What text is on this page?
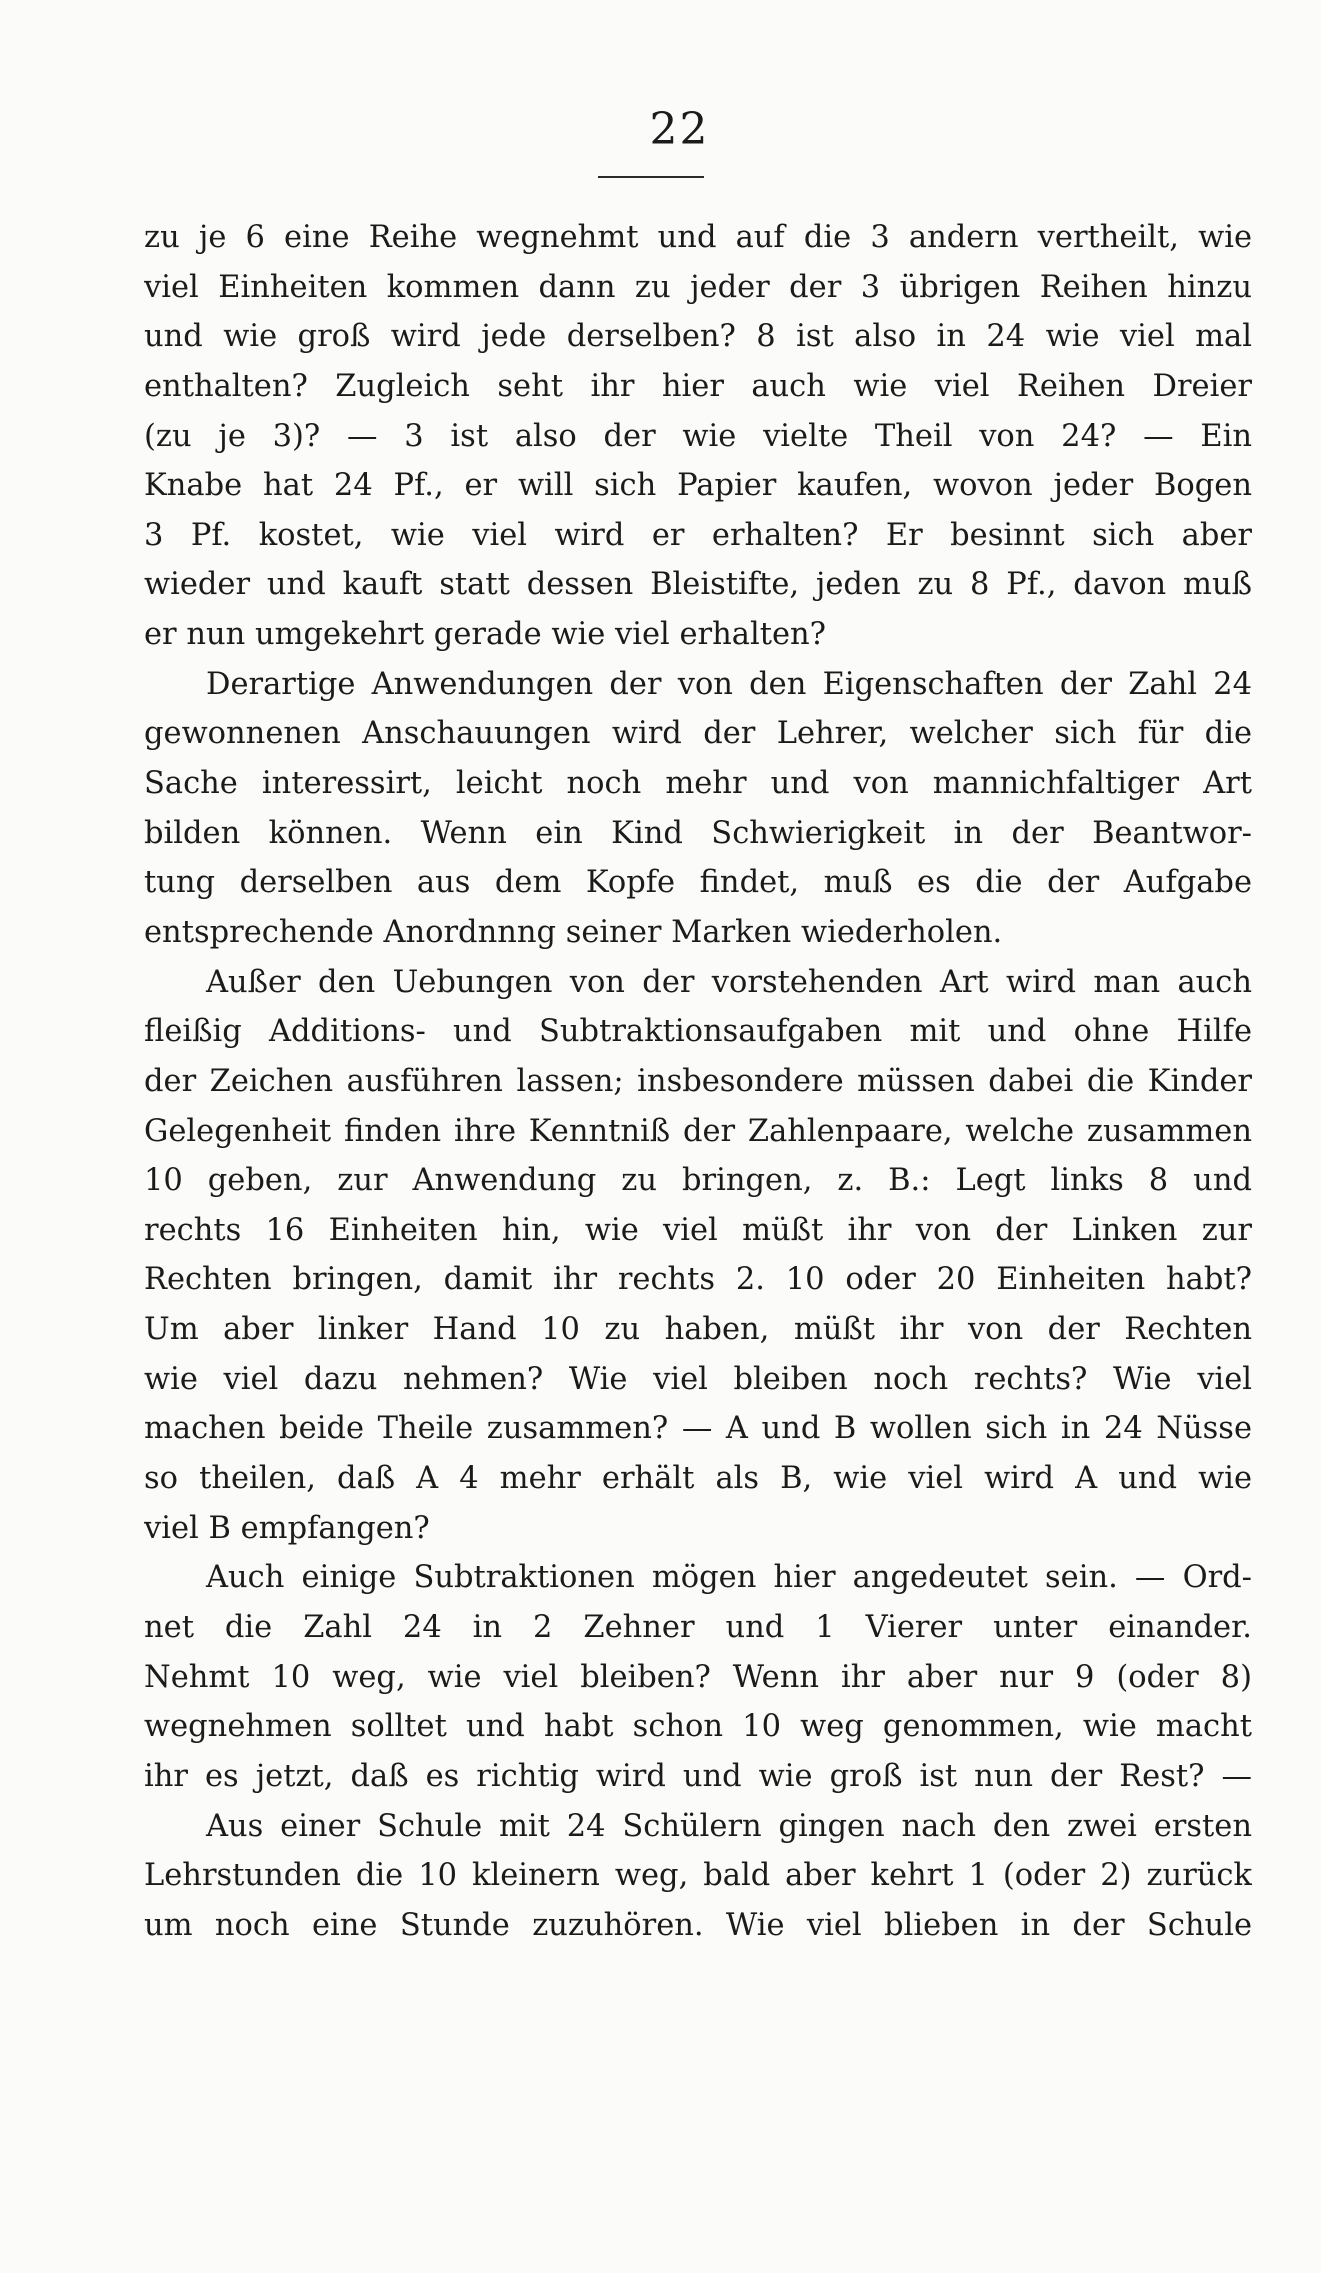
22
zu je 6 eine Reihe wegnehmt und auf die 3 andern vertheilt, wie
viel Einheiten kommen dann zu jeder der 3 übrigen Reihen hinzu
und wie groß wird jede derselben? 8 ist also in 24 wie viel mal
enthalten? Zugleich seht ihr hier auch wie viel Reihen Dreier
(zu je 3)? — 3 ist also der wie vielte Theil von 24? — Ein
Knabe hat 24 Pf., er will sich Papier kaufen, wovon jeder Bogen
3 Pf. kostet, wie viel wird er erhalten? Er besinnt sich aber
wieder und kauft statt dessen Bleistifte, jeden zu 8 Pf., davon muß
er nun umgekehrt gerade wie viel erhalten?
Derartige Anwendungen der von den Eigenschaften der Zahl 24
gewonnenen Anschauungen wird der Lehrer, welcher sich für die
Sache interessirt, leicht noch mehr und von mannichfaltiger Art
bilden können. Wenn ein Kind Schwierigkeit in der Beantwor-
tung derselben aus dem Kopfe findet, muß es die der Aufgabe
entsprechende Anordnnng seiner Marken wiederholen.
Außer den Uebungen von der vorstehenden Art wird man auch
fleißig Additions- und Subtraktionsaufgaben mit und ohne Hilfe
der Zeichen ausführen lassen; insbesondere müssen dabei die Kinder
Gelegenheit finden ihre Kenntniß der Zahlenpaare, welche zusammen
10 geben, zur Anwendung zu bringen, z. B.: Legt links 8 und
rechts 16 Einheiten hin, wie viel müßt ihr von der Linken zur
Rechten bringen, damit ihr rechts 2. 10 oder 20 Einheiten habt?
Um aber linker Hand 10 zu haben, müßt ihr von der Rechten
wie viel dazu nehmen? Wie viel bleiben noch rechts? Wie viel
machen beide Theile zusammen? — A und B wollen sich in 24 Nüsse
so theilen, daß A 4 mehr erhält als B, wie viel wird A und wie
viel B empfangen?
Auch einige Subtraktionen mögen hier angedeutet sein. — Ord-
net die Zahl 24 in 2 Zehner und 1 Vierer unter einander.
Nehmt 10 weg, wie viel bleiben? Wenn ihr aber nur 9 (oder 8)
wegnehmen solltet und habt schon 10 weg genommen, wie macht
ihr es jetzt, daß es richtig wird und wie groß ist nun der Rest? —
Aus einer Schule mit 24 Schülern gingen nach den zwei ersten
Lehrstunden die 10 kleinern weg, bald aber kehrt 1 (oder 2) zurück
um noch eine Stunde zuzuhören. Wie viel blieben in der Schule
